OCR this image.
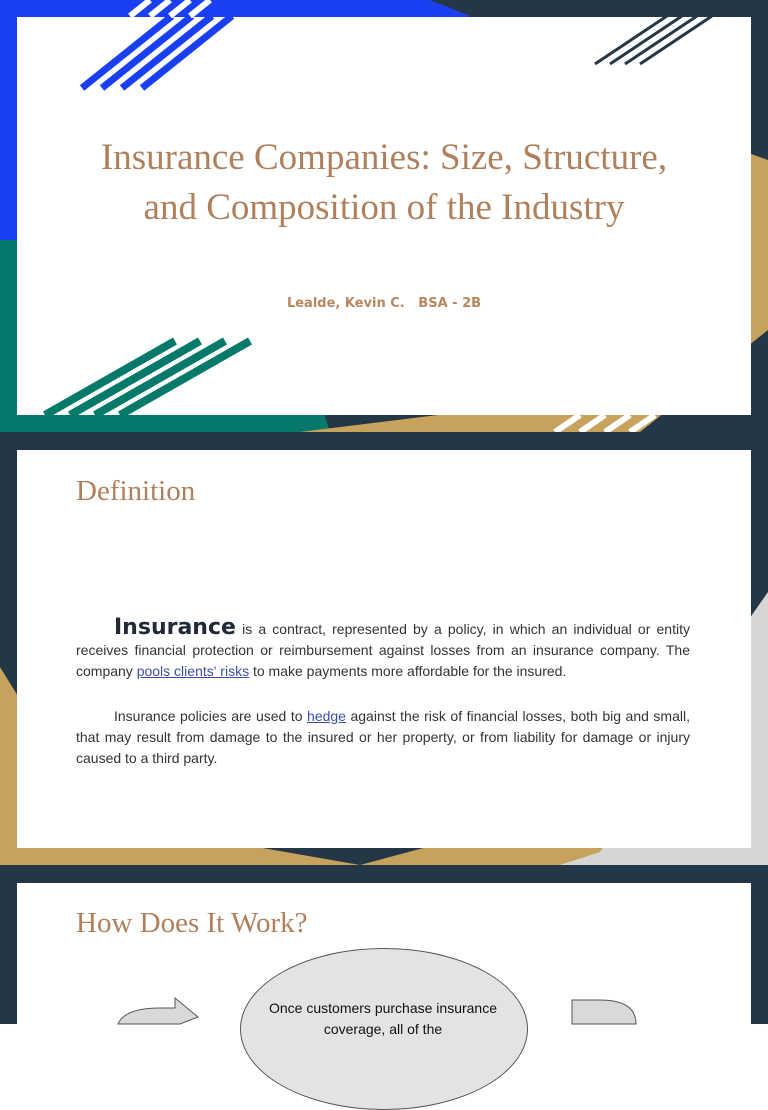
Insurance Companies: Size, Structure,
and Composition of the Industry
Lealde, Kevin C.   BSA - 2B
Definition

Insurance is a contract, represented by a policy, in which an individual or entity receives financial protection or reimbursement against losses from an insurance company. The company pools clients' risks to make payments more affordable for the insured.

Insurance policies are used to hedge against the risk of financial losses, both big and small, that may result from damage to the insured or her property, or from liability for damage or injury caused to a third party.

How Does It Work?

Once customers purchase insurance coverage, all of the
